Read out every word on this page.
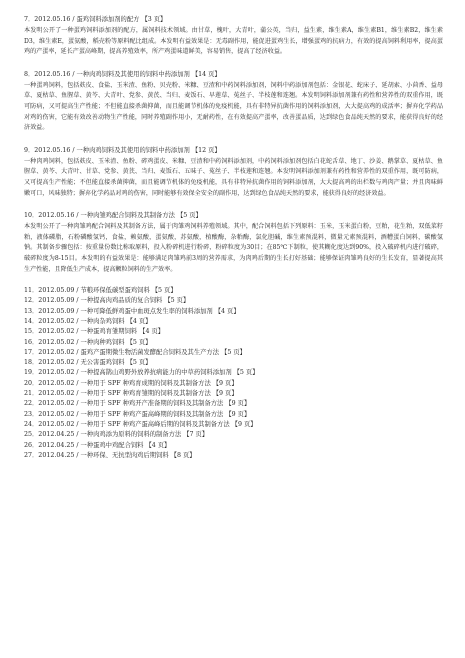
7．2012.05.16 / 蛋鸡饲料添加剂的配方 【3 页】

本发明公开了一种蛋鸡饲料添加剂的配方，属饲料技术领域。由甘草，槐叶，大青叶，蒲公英，当归，益生素，维生素A，维生素B1，维生素B2，维生素D3，维生素E，蛋氨酸，稻壳粉等原料配比组成。本发明有益效果是：无毒副作用，能促进蛋鸡生长，增强蛋鸡的抗病力，有效的提高饲料利用率，提高蛋鸡的产蛋率，延长产蛋高峰期，提高养殖效率，所产鸡蛋味道鲜美，容易销售，提高了经济收益。

8．2012.05.16 / 一种肉鸡饲料及其使用的饲料中药添加剂 【14 页】

一种蛋鸡饲料，包括麸皮、食盐、玉米渣、鱼粉、贝壳粉、米糠、豆渣和中药饲料添加剂，饲料中药添加剂包括：金银花、蛇床子、延胡索、小茴香、益母草、夏枯草、鱼腥草、黄芩、大青叶、党参、黄芪、当归、麦饭石、早莲草、菟丝子、半枝莲和连翘。本发明饲料添加剂兼有药性和营养性的双重作用，既可防病，又可提高生产性能；不但能直接杀菌抑菌，而且能调节机体的免疫机能，具有非特异抗菌作用的饲料添加剂，大大提高鸡的成活率；摒弃化学药品对鸡的伤害，它能有效改善动物生产性能，同时养殖副作用小，无耐药性，在有效提高产蛋率，改善蛋品质，达到绿色食品纯天然的要求，能获得良好的经济效益。

9．2012.05.16 / 一种肉鸡饲料及其使用的饲料中药添加剂 【12 页】

一种肉鸡饲料，包括麸皮、玉米渣、鱼粉、碎鸡蛋皮、米糠、豆渣和中药饲料添加剂，中药饲料添加剂包括白花蛇舌草、地丁、沙姜、鹅掌草、夏枯草、鱼腥草、黄芩、大青叶、甘草、党参、黄芪、当归、麦饭石、五味子、菟丝子、半枝莲和连翘。本发明饲料添加剂兼有药性和营养性的双重作用，既可防病，又可提高生产性能；不但能直接杀菌抑菌，而且能调节机体的免疫机能，具有非特异抗菌作用的饲料添加剂，大大提高鸡的出栏数与鸡肉产量；并且肉味鲜嫩可口，风味独特；摒弃化学药品对鸡的伤害，同时能够有效保全安全的副作用，达到绿色食品纯天然的要求，能获得良好的经济效益。

10．2012.05.16 / 一种肉雏鸡配合饲料及其制备方法 【5 页】

本发明公开了一种肉雏鸡配合饲料及其制备方法，属于肉雏鸡饲料养殖领域。其中，配合饲料包括下列原料：玉米，玉米蛋白粉，豆粕，花生粕，双低菜籽粕，液体磷脂，石粉磷酸氢钙，食盐，赖氨酸，蛋氨酸，苏氨酸，植酸酶，杂粕酶，氯化胆碱，维生素预混料，微量元素预混料，酒糟蛋白饲料，碳酸氢钠。其制备步骤包括：按重量份数比称取原料，投入粉碎机进行粉碎，粉碎粒度为30目；在85℃下制粒，使其糊化度达到90%，投入破碎机内进行破碎，破碎粒度为8-15目。本发明的有益效果是：能够满足肉雏鸡前3周的营养需求，为肉鸡后期的生长打好基础；能够保证肉雏鸡良好的生长发育，显著提高其生产性能，且降低生产成本，提高颗粒饲料的生产效率。

11．2012.05.09 / 节粮环保低碳型蛋鸡饲料 【5 页】
12．2012.05.09 / 一种提高肉鸡品质的复合饲料 【5 页】
13．2012.05.09 / 一种可降低鲜鸡蛋中血斑点发生率的饲料添加剂 【4 页】
14．2012.05.02 / 一种肉杂鸡饲料 【4 页】
15．2012.05.02 / 一种蛋鸡育雏期饲料 【4 页】
16．2012.05.02 / 一种肉种鸡饲料 【5 页】
17．2012.05.02 / 蛋鸡产蛋期微生物活菌发酵配合饲料及其生产方法 【5 页】
18．2012.05.02 / 无公害蛋鸡饲料 【5 页】
19．2012.05.02 / 一种提高鹊山鸡野外放养抗病能力的中草药饲料添加剂 【5 页】
20．2012.05.02 / 一种用于 SPF 种鸡育成期的饲料及其制备方法 【9 页】
21．2012.05.02 / 一种用于 SPF 种鸡育雏期的饲料及其制备方法 【9 页】
22．2012.05.02 / 一种用于 SPF 种鸡开产准备期的饲料及其制备方法 【9 页】
23．2012.05.02 / 一种用于 SPF 种鸡产蛋高峰期的饲料及其制备方法 【9 页】
24．2012.05.02 / 一种用于 SPF 种鸡产蛋高峰后期的饲料及其制备方法 【9 页】
25．2012.04.25 / 一种肉鸡添为原料的饲料的制备方法 【7 页】
26．2012.04.25 / 一种蛋鸡中鸡配合饲料 【4 页】
27．2012.04.25 / 一种环保、无抗型肉鸡后期饲料 【8 页】
